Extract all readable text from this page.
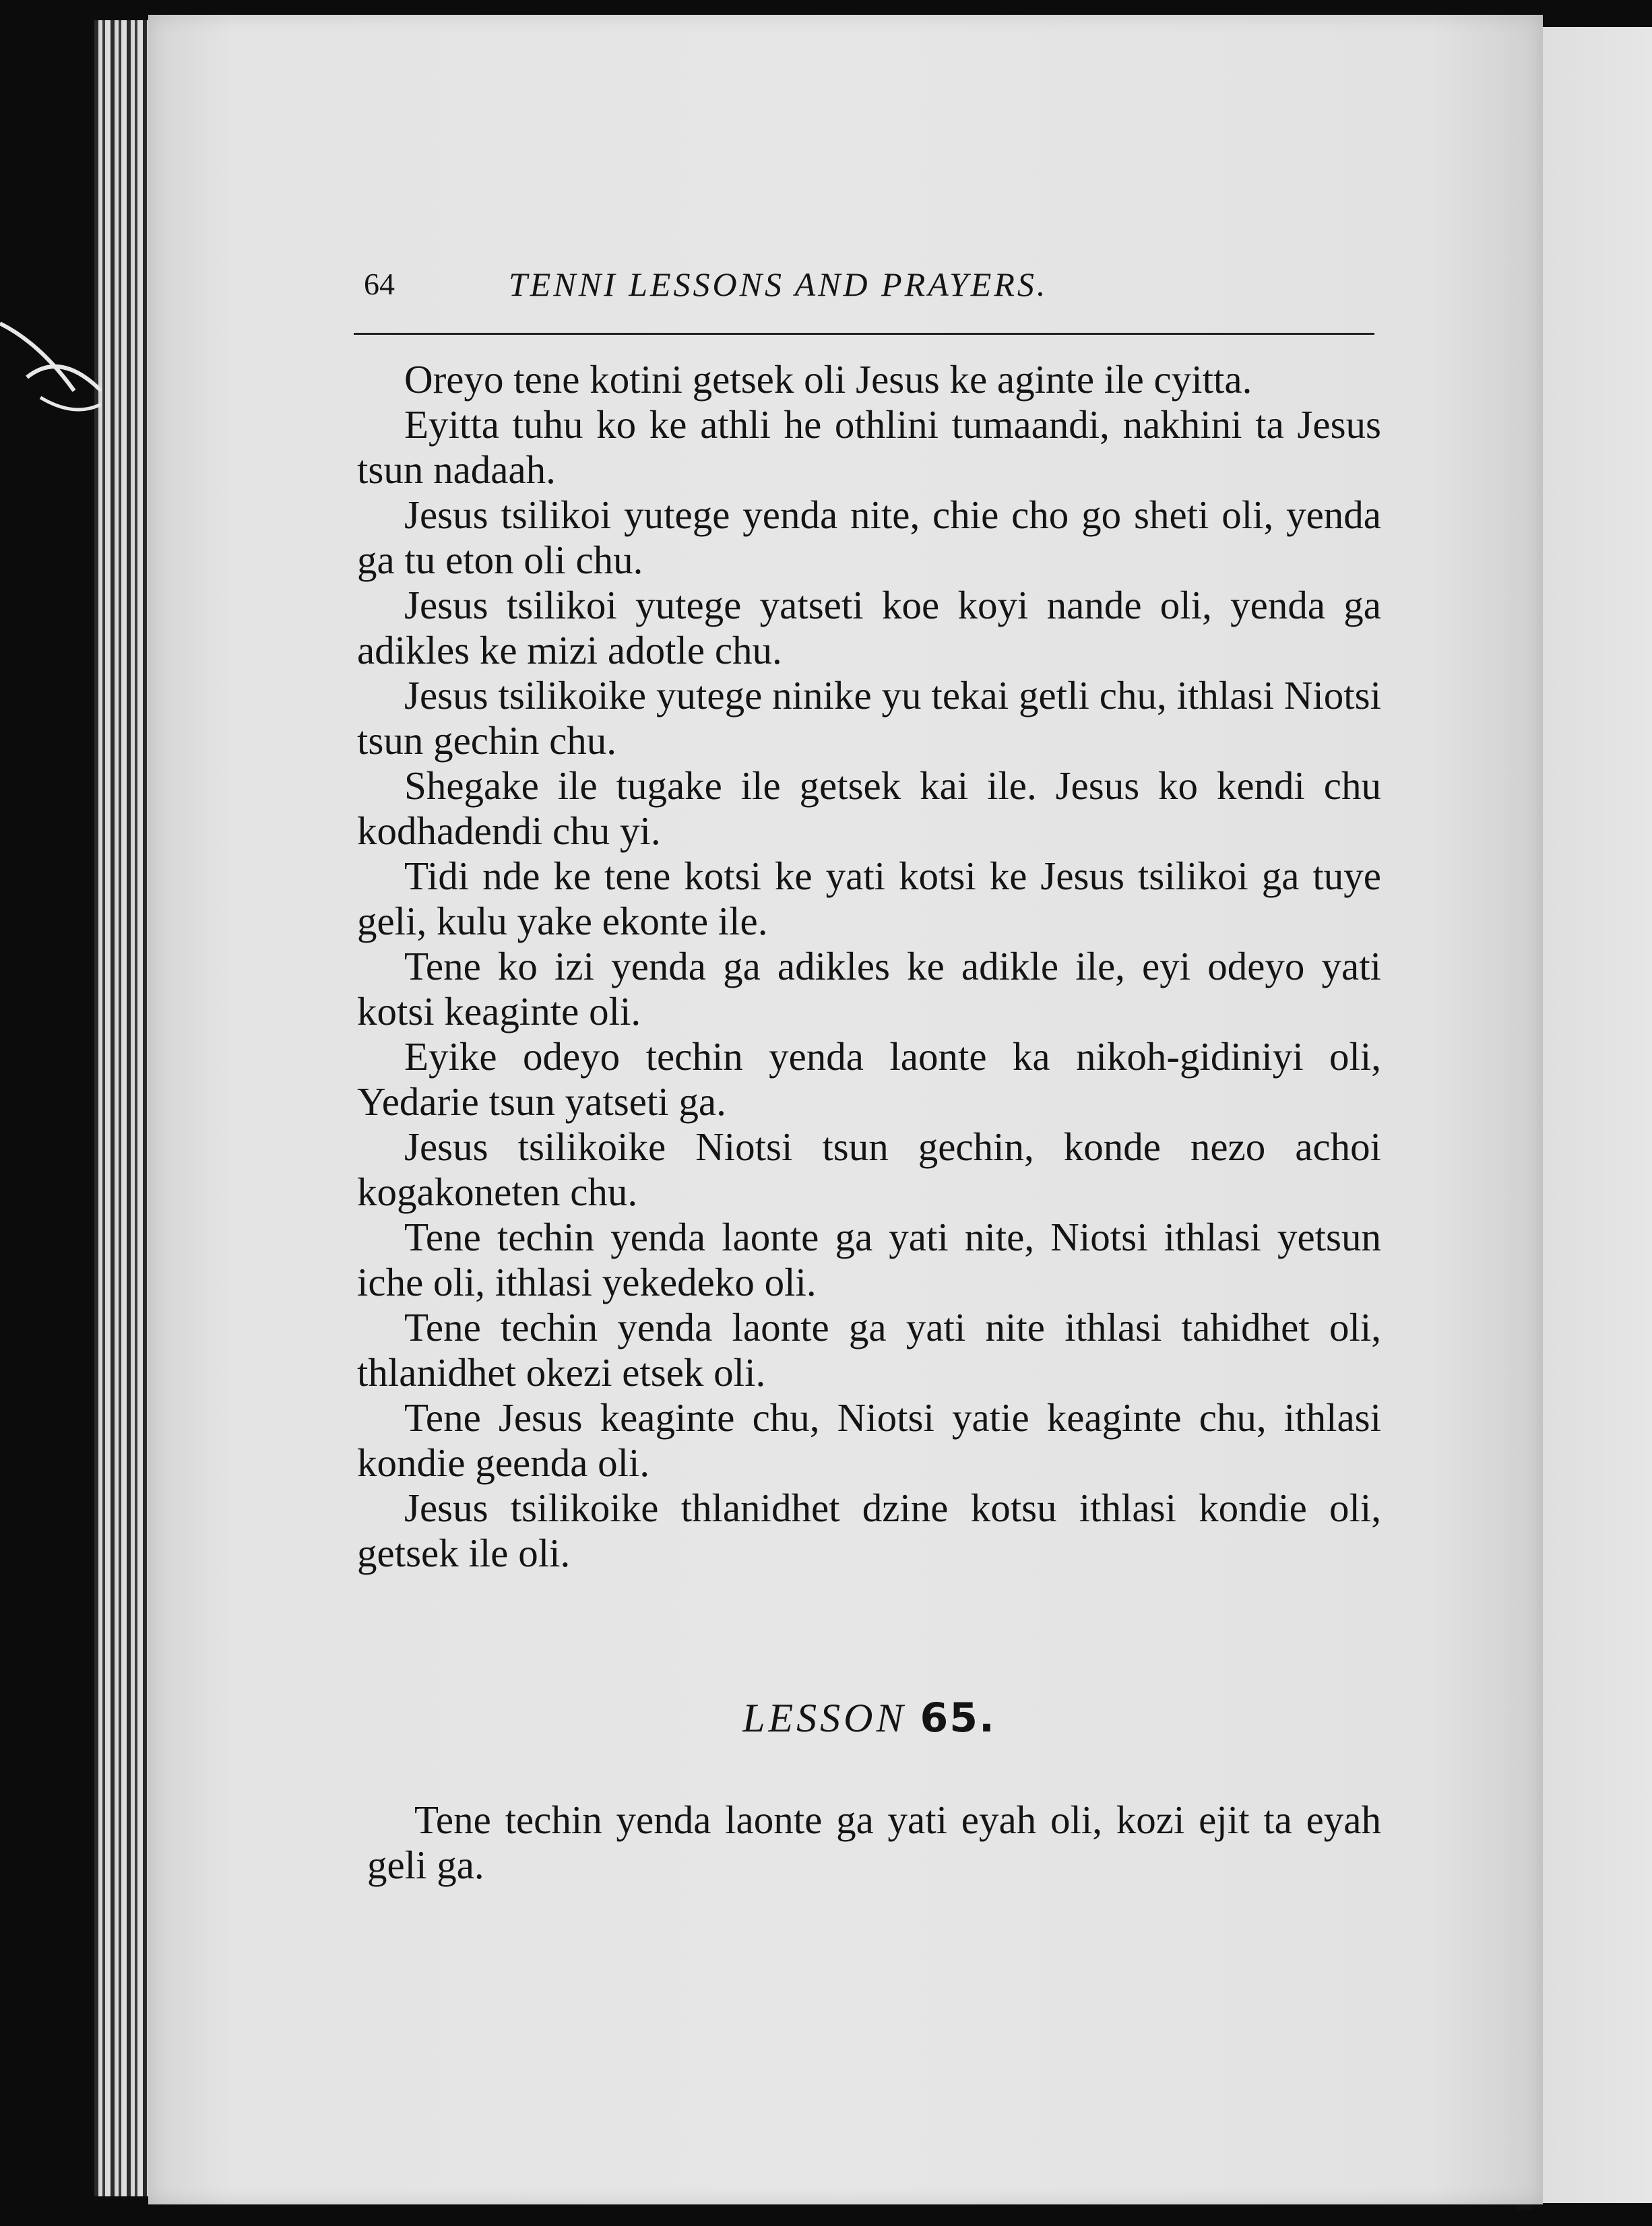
64	TENNI LESSONS AND PRAYERS.

Oreyo tene kotini getsek oli Jesus ke aginte ile cyitta.

Eyitta tuhu ko ke athli he othlini tumaandi, nakhini ta Jesus tsun nadaah.

Jesus tsilikoi yutege yenda nite, chie cho go sheti oli, yenda ga tu eton oli chu.

Jesus tsilikoi yutege yatseti koe koyi nande oli, yenda ga adikles ke mizi adotle chu.

Jesus tsilikoike yutege ninike yu tekai getli chu, ithlasi Niotsi tsun gechin chu.

Shegake ile tugake ile getsek kai ile. Jesus ko kendi chu kodhadendi chu yi.

Tidi nde ke tene kotsi ke yati kotsi ke Jesus tsilikoi ga tuye geli, kulu yake ekonte ile.

Tene ko izi yenda ga adikles ke adikle ile, eyi odeyo yati kotsi keaginte oli.

Eyike odeyo techin yenda laonte ka nikoh-gidiniyi oli, Yedarie tsun yatseti ga.

Jesus tsilikoike Niotsi tsun gechin, konde nezo achoi kogakoneten chu.

Tene techin yenda laonte ga yati nite, Niotsi ithlasi yetsun iche oli, ithlasi yekedeko oli.

Tene techin yenda laonte ga yati nite ithlasi tahidhet oli, thlanidhet okezi etsek oli.

Tene Jesus keaginte chu, Niotsi yatie keaginte chu, ithlasi kondie geenda oli.

Jesus tsilikoike thlanidhet dzine kotsu ithlasi kondie oli, getsek ile oli.

LESSON 65.

Tene techin yenda laonte ga yati eyah oli, kozi ejit ta eyah geli ga.
